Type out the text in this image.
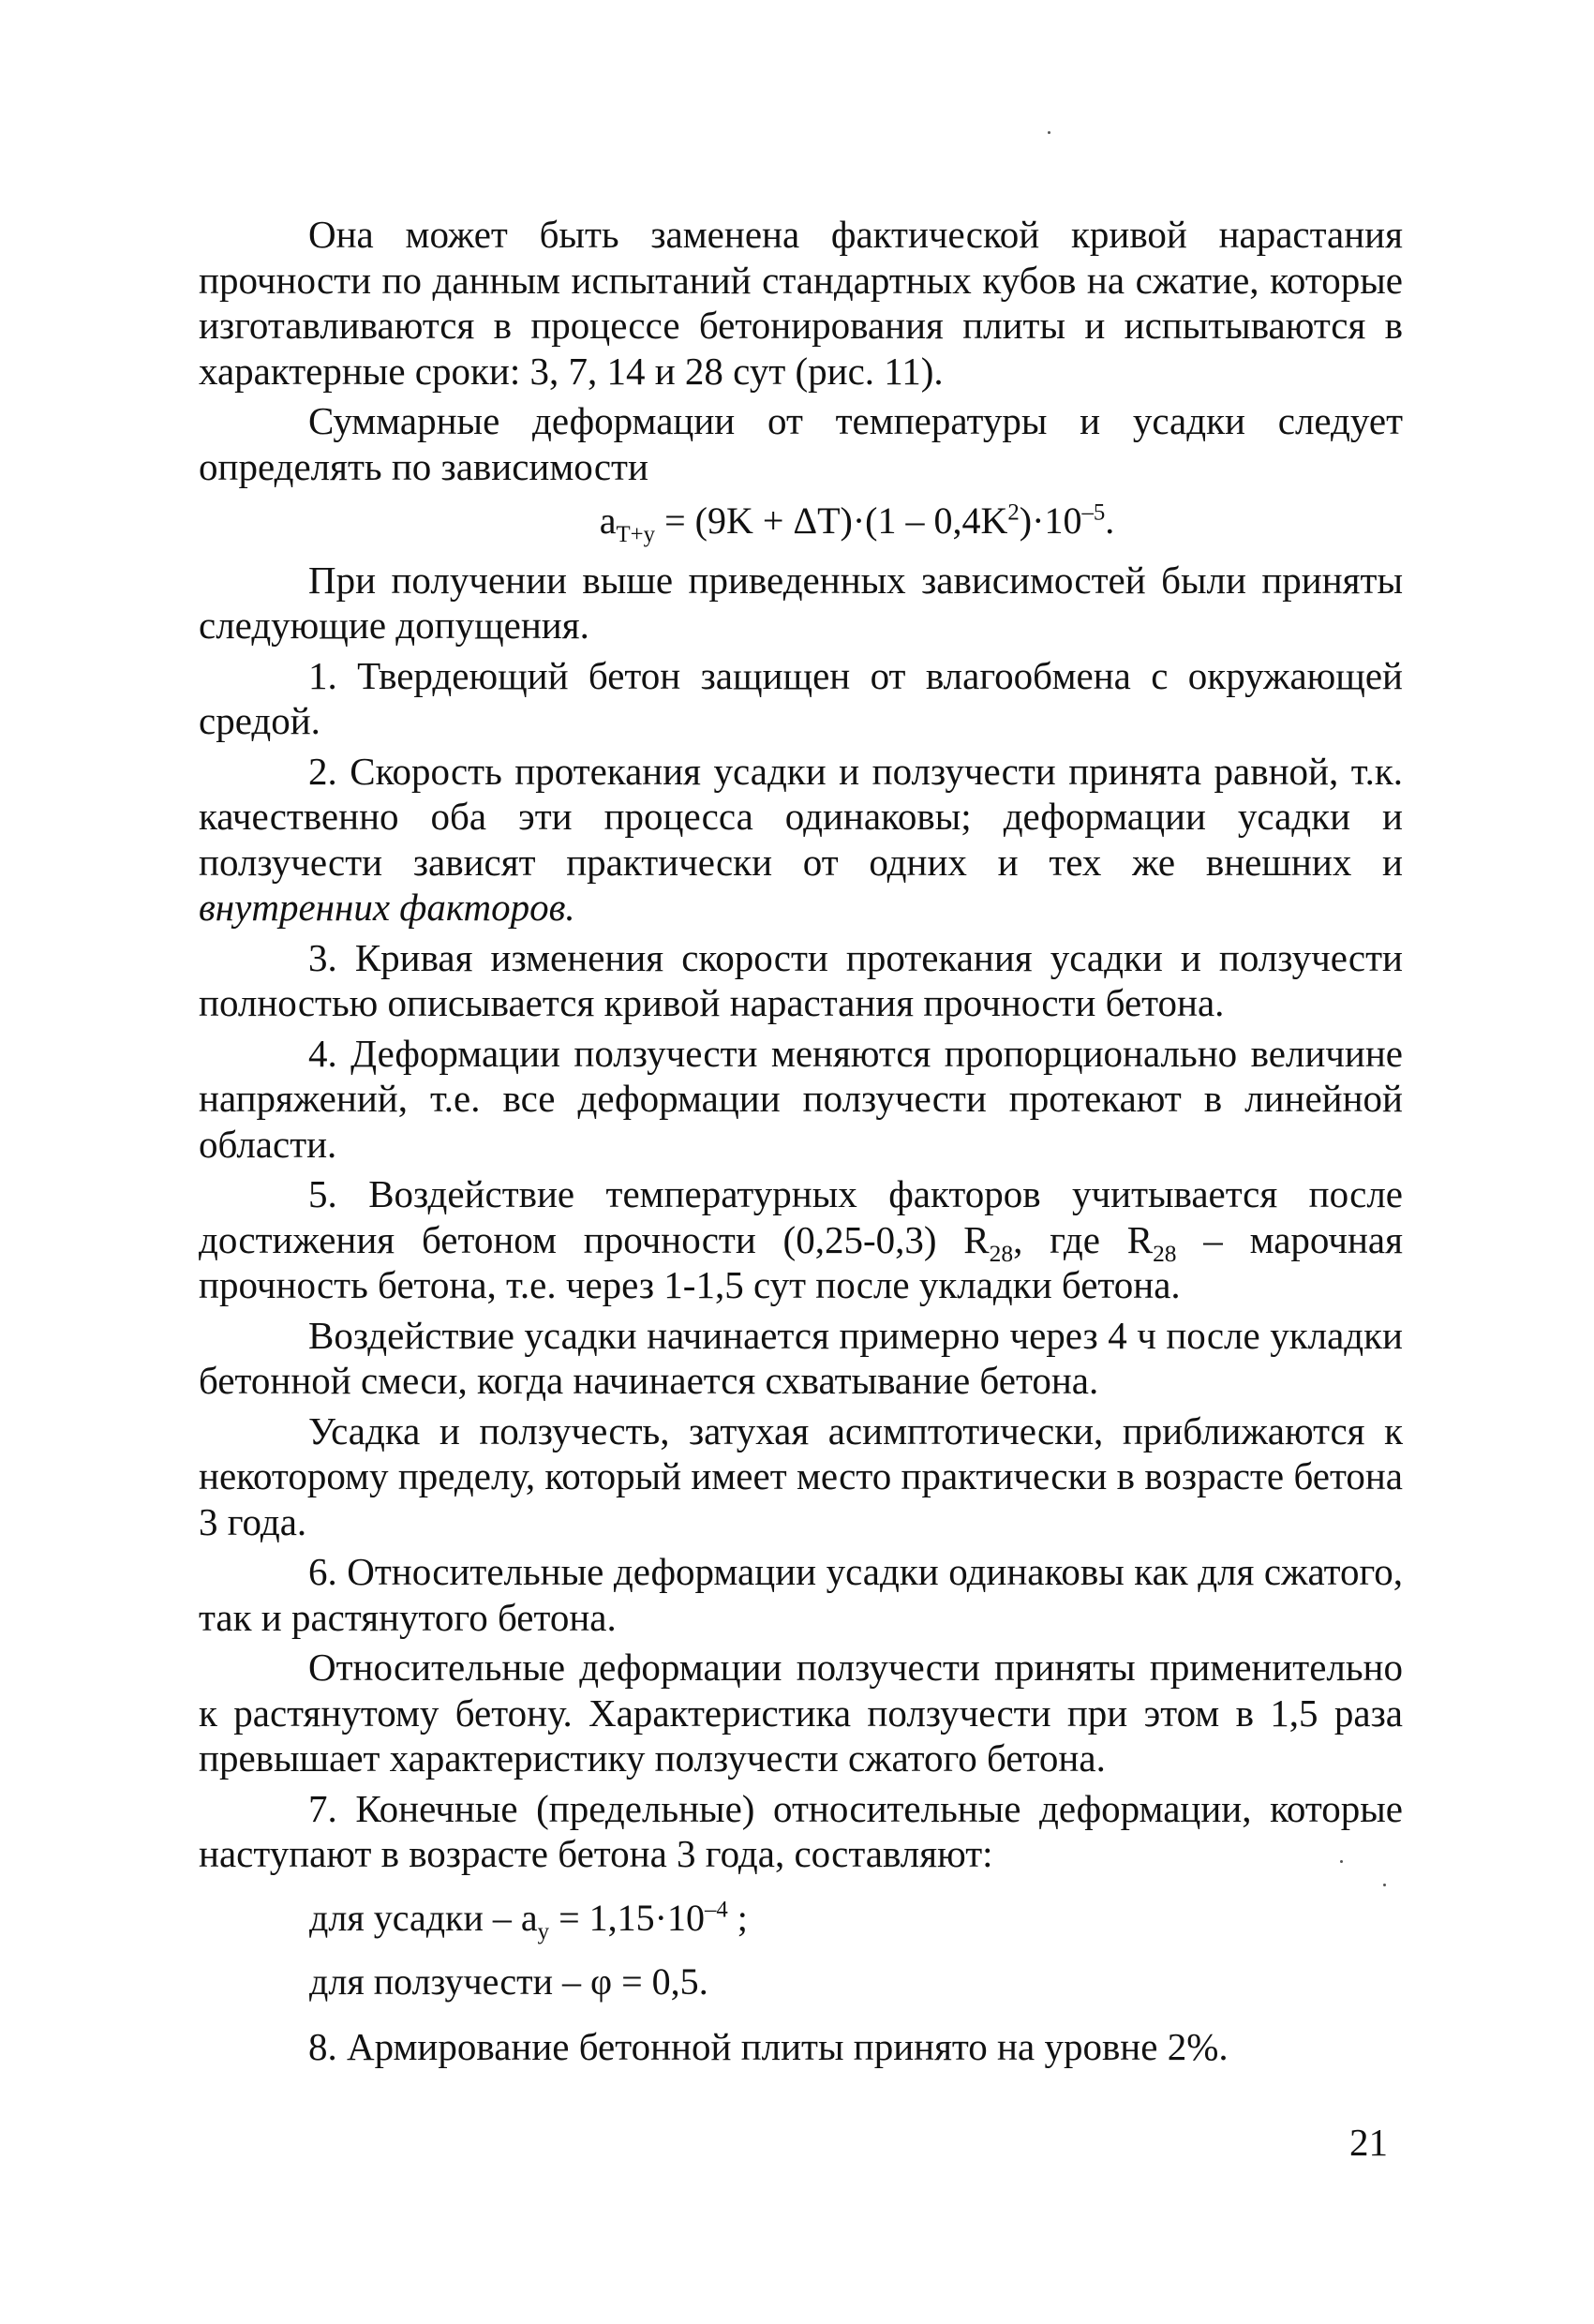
Она может быть заменена фактической кривой нарастания прочности по данным испытаний стандартных кубов на сжатие, которые изготавливаются в процессе бетонирования плиты и испытываются в характерные сроки: 3, 7, 14 и 28 сут (рис. 11).

Суммарные деформации от температуры и усадки следует определять по зависимости

$a_{T+y} = (9K + \Delta T)\cdot(1 - 0,4K^2)\cdot 10^{-5}$.

При получении выше приведенных зависимостей были приняты следующие допущения.

1. Твердеющий бетон защищен от влагообмена с окружающей средой.

2. Скорость протекания усадки и ползучести принята равной, т.к. качественно оба эти процесса одинаковы; деформации усадки и ползучести зависят практически от одних и тех же внешних и внутренних факторов.

3. Кривая изменения скорости протекания усадки и ползучести полностью описывается кривой нарастания прочности бетона.

4. Деформации ползучести меняются пропорционально величине напряжений, т.е. все деформации ползучести протекают в линейной области.

5. Воздействие температурных факторов учитывается после достижения бетоном прочности (0,25-0,3) $R_{28}$, где $R_{28}$ – марочная прочность бетона, т.е. через 1-1,5 сут после укладки бетона.

Воздействие усадки начинается примерно через 4 ч после укладки бетонной смеси, когда начинается схватывание бетона.

Усадка и ползучесть, затухая асимптотически, приближаются к некоторому пределу, который имеет место практически в возрасте бетона 3 года.

6. Относительные деформации усадки одинаковы как для сжатого, так и растянутого бетона.

Относительные деформации ползучести приняты применительно к растянутому бетону. Характеристика ползучести при этом в 1,5 раза превышает характеристику ползучести сжатого бетона.

7. Конечные (предельные) относительные деформации, которые наступают в возрасте бетона 3 года, составляют:

для усадки – $a_y = 1,15\cdot 10^{-4}$ ;
для ползучести – φ = 0,5.

8. Армирование бетонной плиты принято на уровне 2%.

21
